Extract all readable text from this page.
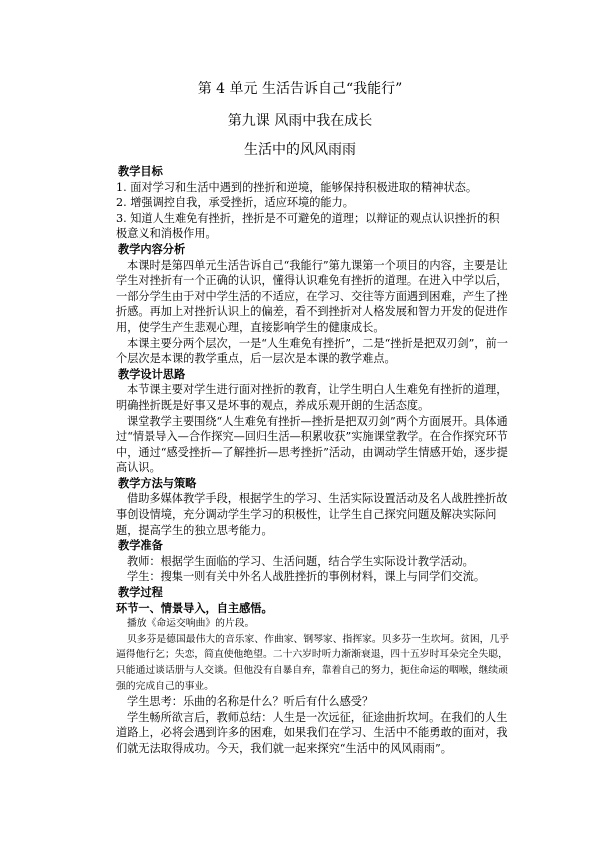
第 4 单元 生活告诉自己“我能行”
第九课 风雨中我在成长
生活中的风风雨雨
教学目标
1. 面对学习和生活中遇到的挫折和逆境，能够保持积极进取的精神状态。
2. 增强调控自我，承受挫折，适应环境的能力。
3. 知道人生难免有挫折，挫折是不可避免的道理；以辩证的观点认识挫折的积极意义和消极作用。
教学内容分析
本课时是第四单元生活告诉自己“我能行”第九课第一个项目的内容，主要是让学生对挫折有一个正确的认识，懂得认识难免有挫折的道理。在进入中学以后，一部分学生由于对中学生活的不适应，在学习、交往等方面遇到困难，产生了挫折感。再加上对挫折认识上的偏差，看不到挫折对人格发展和智力开发的促进作用，使学生产生悲观心理，直接影响学生的健康成长。
本课主要分两个层次，一是“人生难免有挫折”，二是“挫折是把双刃剑”，前一个层次是本课的教学重点，后一层次是本课的教学难点。
教学设计思路
本节课主要对学生进行面对挫折的教育，让学生明白人生难免有挫折的道理，明确挫折既是好事又是坏事的观点，养成乐观开朗的生活态度。
课堂教学主要围绕“人生难免有挫折—挫折是把双刃剑”两个方面展开。具体通过“情景导入—合作探究—回归生活—积累收获”实施课堂教学。在合作探究环节中，通过“感受挫折—了解挫折—思考挫折”活动，由调动学生情感开始，逐步提高认识。
教学方法与策略
借助多媒体教学手段，根据学生的学习、生活实际设置活动及名人战胜挫折故事创设情境，充分调动学生学习的积极性，让学生自己探究问题及解决实际问题，提高学生的独立思考能力。
教学准备
教师：根据学生面临的学习、生活问题，结合学生实际设计教学活动。
学生：搜集一则有关中外名人战胜挫折的事例材料，课上与同学们交流。
教学过程
环节一、情景导入，自主感悟。
播放《命运交响曲》的片段。
贝多芬是德国最伟大的音乐家、作曲家、钢琴家、指挥家。贝多芬一生坎坷。贫困，几乎逼得他行乞；失恋，简直使他绝望。二十六岁时听力渐渐衰退，四十五岁时耳朵完全失聪，只能通过谈话册与人交谈。但他没有自暴自弃，靠着自己的努力，扼住命运的咽喉，继续顽强的完成自己的事业。
学生思考：乐曲的名称是什么？听后有什么感受？
学生畅所欲言后，教师总结：人生是一次远征，征途曲折坎坷。在我们的人生道路上，必将会遇到许多的困难，如果我们在学习、生活中不能勇敢的面对，我们就无法取得成功。今天，我们就一起来探究“生活中的风风雨雨”。
